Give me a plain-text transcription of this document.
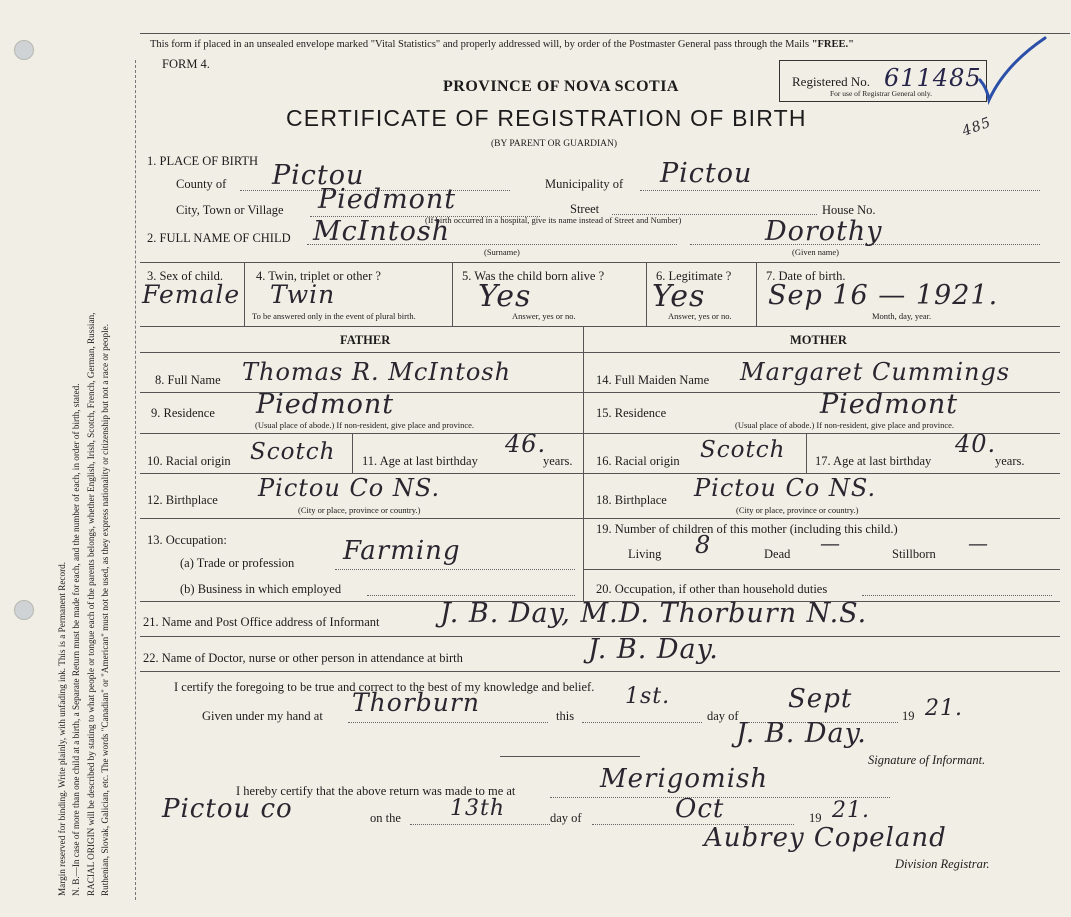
Margin reserved for binding. Write plainly, with unfading ink. This is a Permanent Record. N. B.—In case of more than one child at a birth, a Separate Return must be made for each, and the number of each, in order of birth, stated. RACIAL ORIGIN will be described by stating to what people or tongue each of the parents belongs, whether English, Irish, Scotch, French, German, Russian, Ruthenian, Slovak, Galician, etc. The words "Canadian" or "American" must not be used, as they express nationality or citizenship but not a race or people.
This form if placed in an unsealed envelope marked "Vital Statistics" and properly addressed will, by order of the Postmaster General pass through the Mails "FREE."
FORM 4.
PROVINCE OF NOVA SCOTIA
CERTIFICATE OF REGISTRATION OF BIRTH
(BY PARENT OR GUARDIAN)
Registered No. 611485
For use of Registrar General only.
485
1. PLACE OF BIRTH
County of Pictou	Municipality of Pictou
City, Town or Village Piedmont	Street	House No.
(If birth occurred in a hospital, give its name instead of Street and Number)
2. FULL NAME OF CHILD McIntosh
(Surname)
Dorothy
(Given name)
3. Sex of child.
Female
4. Twin, triplet or other ?
Twin
To be answered only in the event of plural birth.
5. Was the child born alive ?
Yes
Answer, yes or no.
6. Legitimate ?
Yes
Answer, yes or no.
7. Date of birth.
Sep 16 — 1921.
Month, day, year.
FATHER	MOTHER
8. Full Name Thomas R. McIntosh
9. Residence Piedmont
(Usual place of abode.) If non-resident, give place and province.
10. Racial origin Scotch 11. Age at last birthday
46.
years.
12. Birthplace Pictou Co NS.
(City or place, province or country.)
13. Occupation:
(a) Trade or profession Farming
(b) Business in which employed
14. Full Maiden Name Margaret Cummings
15. Residence	Piedmont
(Usual place of abode.) If non-resident, give place and province.
16. Racial origin Scotch 17. Age at last birthday
40.
years.
18. Birthplace Pictou Co NS.
(City or place, province or country.)
19. Number of children of this mother (including this child.)
Living 8	Dead —	Stillborn —
20. Occupation, if other than household duties
21. Name and Post Office address of Informant J. B. Day, M.D. Thorburn N.S.
22. Name of Doctor, nurse or other person in attendance at birth	J. B. Day.
I certify the foregoing to be true and correct to the best of my knowledge and belief.
Given under my hand at Thorburn	this
1st.
day of
Sept
19 21.
J. B. Day.
Signature of Informant.
I hereby certify that the above return was made to me at	Merigomish
Pictou co	on the 13th	day of	Oct	19 21.
Aubrey Copeland
Division Registrar.
